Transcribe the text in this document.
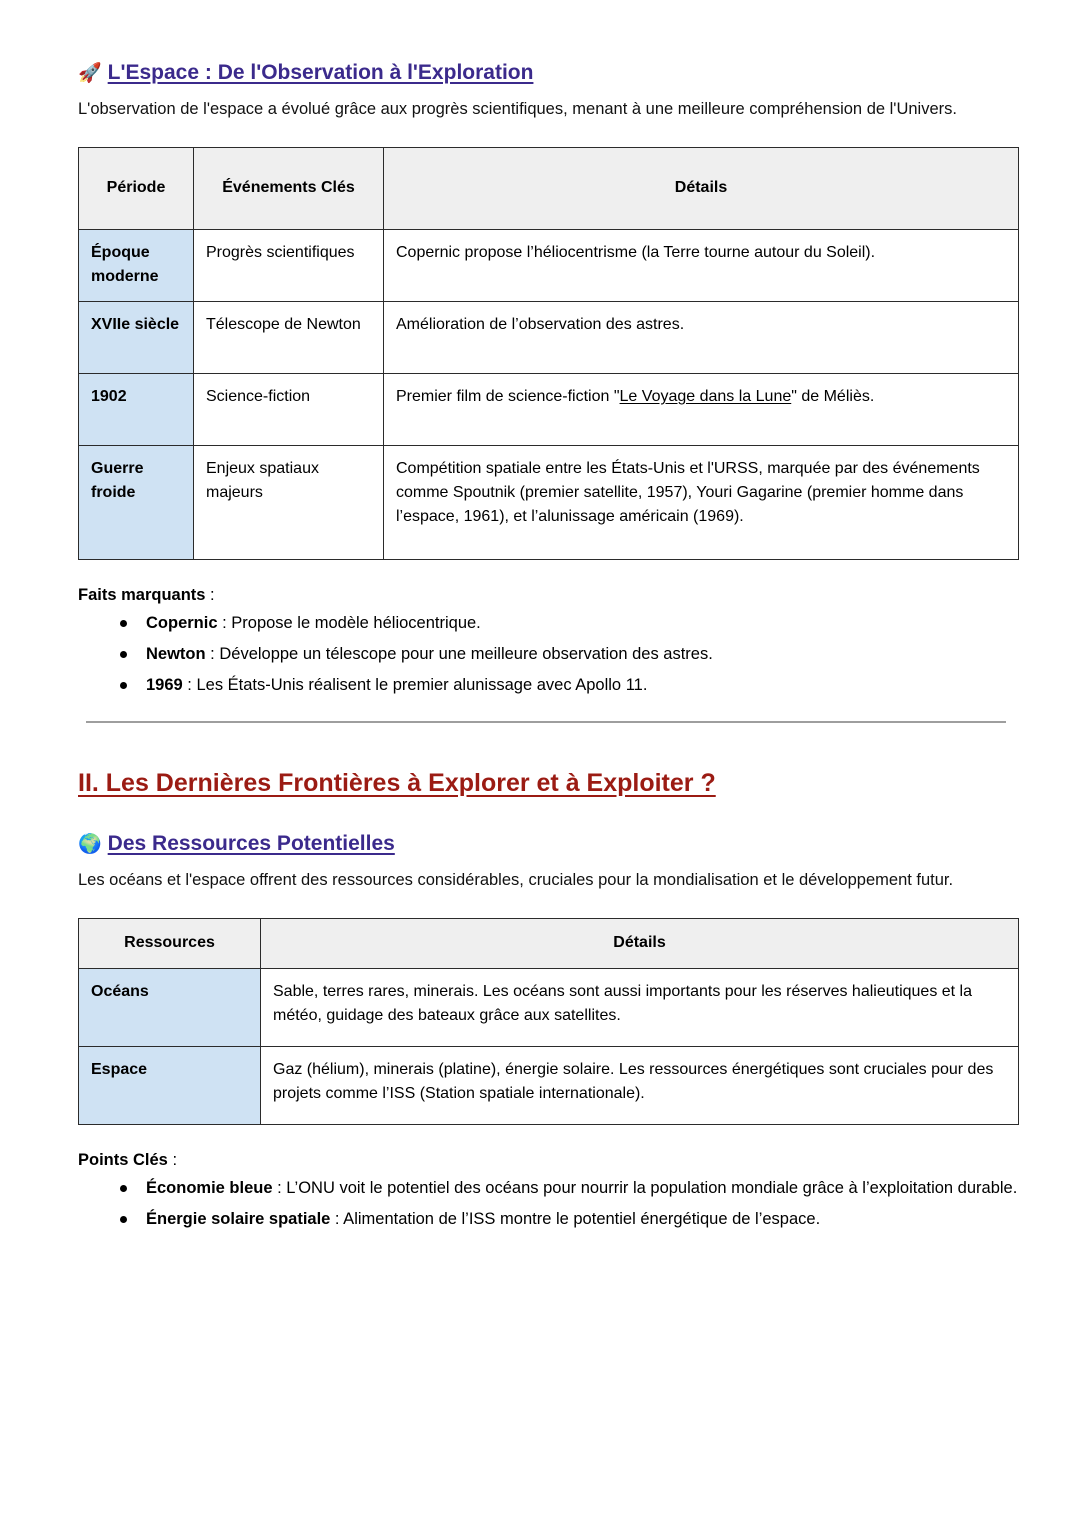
🚀 L'Espace : De l'Observation à l'Exploration

L'observation de l'espace a évolué grâce aux progrès scientifiques, menant à une meilleure compréhension de l'Univers.

Période	Événements Clés	Détails
Époque moderne	Progrès scientifiques	Copernic propose l’héliocentrisme (la Terre tourne autour du Soleil).
XVIIe siècle	Télescope de Newton	Amélioration de l’observation des astres.
1902	Science-fiction	Premier film de science-fiction "Le Voyage dans la Lune" de Méliès.
Guerre froide	Enjeux spatiaux majeurs	Compétition spatiale entre les États-Unis et l'URSS, marquée par des événements comme Spoutnik (premier satellite, 1957), Youri Gagarine (premier homme dans l’espace, 1961), et l’alunissage américain (1969).

Faits marquants :

Copernic : Propose le modèle héliocentrique.
Newton : Développe un télescope pour une meilleure observation des astres.
1969 : Les États-Unis réalisent le premier alunissage avec Apollo 11.
II. Les Dernières Frontières à Explorer et à Exploiter ?
🌍 Des Ressources Potentielles

Les océans et l'espace offrent des ressources considérables, cruciales pour la mondialisation et le développement futur.

Ressources	Détails
Océans	Sable, terres rares, minerais. Les océans sont aussi importants pour les réserves halieutiques et la météo, guidage des bateaux grâce aux satellites.
Espace	Gaz (hélium), minerais (platine), énergie solaire. Les ressources énergétiques sont cruciales pour des projets comme l’ISS (Station spatiale internationale).

Points Clés :

Économie bleue : L’ONU voit le potentiel des océans pour nourrir la population mondiale grâce à l’exploitation durable.
Énergie solaire spatiale : Alimentation de l’ISS montre le potentiel énergétique de l’espace.
